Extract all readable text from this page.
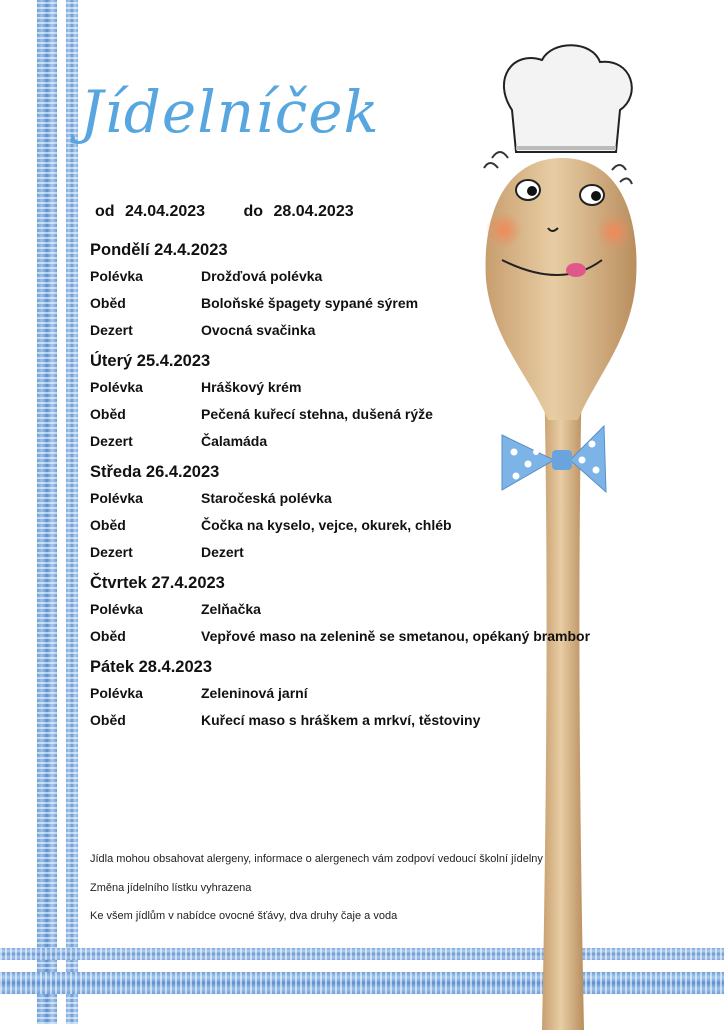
Jídelníček
od 24.04.2023 do 28.04.2023
Pondělí 24.4.2023
Polévka	Drožďová polévka
Oběd	Boloňské špagety sypané sýrem
Dezert	Ovocná svačinka
Úterý 25.4.2023
Polévka	Hráškový krém
Oběd	Pečená kuřecí stehna, dušená rýže
Dezert	Čalamáda
Středa 26.4.2023
Polévka	Staročeská polévka
Oběd	Čočka na kyselo, vejce, okurek, chléb
Dezert	Dezert
Čtvrtek 27.4.2023
Polévka	Zelňačka
Oběd	Vepřové maso na zelenině se smetanou, opékaný brambor
Pátek 28.4.2023
Polévka	Zeleninová jarní
Oběd	Kuřecí maso s hráškem a mrkví, těstoviny
Jídla mohou obsahovat alergeny, informace o alergenech vám zodpoví vedoucí školní jídelny
Změna jídelního lístku vyhrazena
Ke všem jídlům v nabídce ovocné šťávy, dva druhy čaje a voda
